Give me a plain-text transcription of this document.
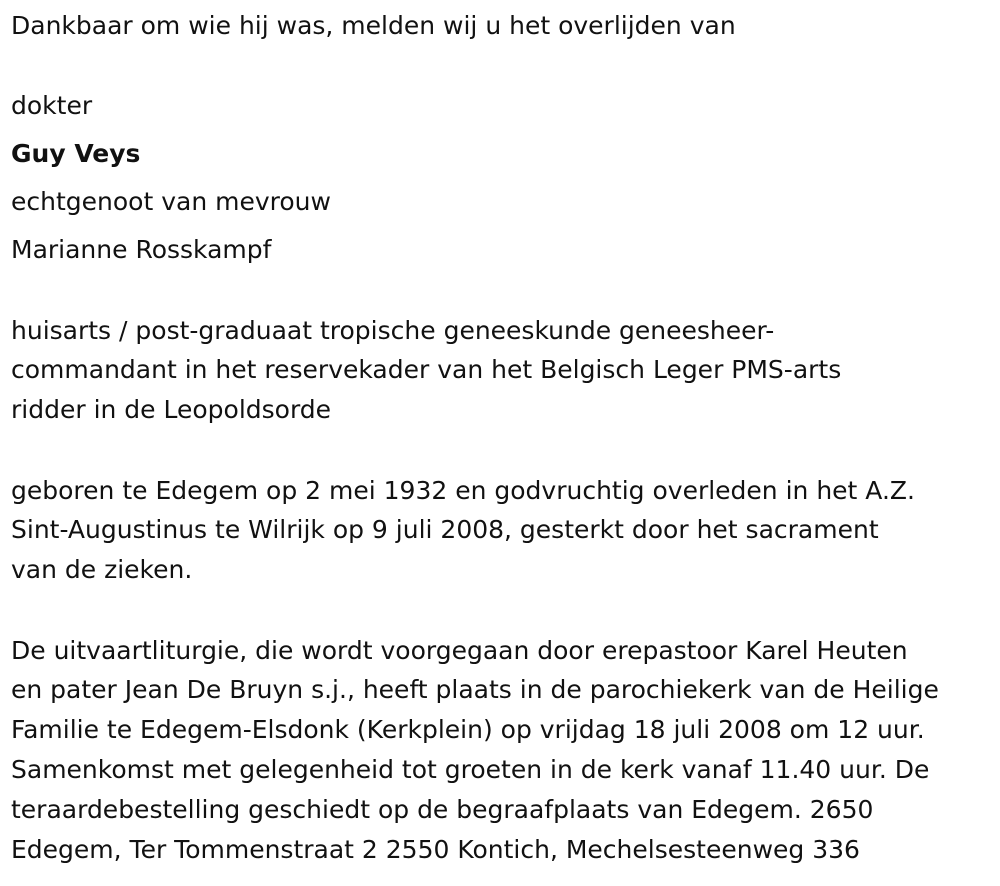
Dankbaar om wie hij was, melden wij u het overlijden van
dokter
Guy Veys
echtgenoot van mevrouw
Marianne Rosskampf
huisarts / post-graduaat tropische geneeskunde geneesheer-
commandant in het reservekader van het Belgisch Leger PMS-arts
ridder in de Leopoldsorde
geboren te Edegem op 2 mei 1932 en godvruchtig overleden in het A.Z.
Sint-Augustinus te Wilrijk op 9 juli 2008, gesterkt door het sacrament
van de zieken.
De uitvaartliturgie, die wordt voorgegaan door erepastoor Karel Heuten
en pater Jean De Bruyn s.j., heeft plaats in de parochiekerk van de Heilige
Familie te Edegem-Elsdonk (Kerkplein) op vrijdag 18 juli 2008 om 12 uur.
Samenkomst met gelegenheid tot groeten in de kerk vanaf 11.40 uur. De
teraardebestelling geschiedt op de begraafplaats van Edegem. 2650
Edegem, Ter Tommenstraat 2 2550 Kontich, Mechelsesteenweg 336
